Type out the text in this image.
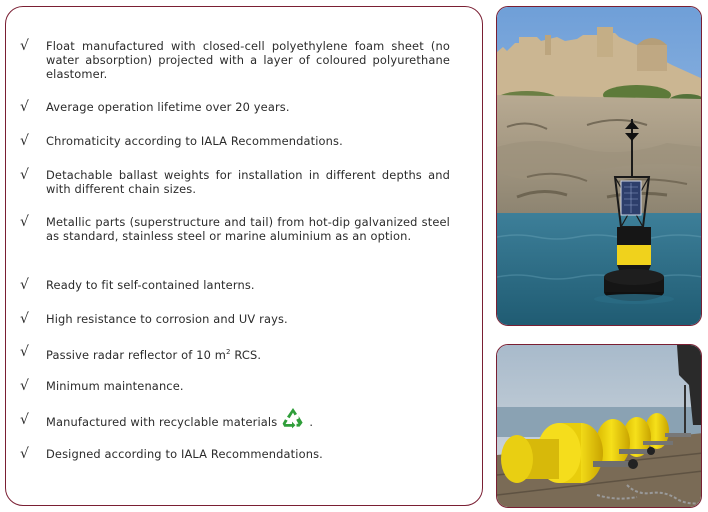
√ Float manufactured with closed-cell polyethylene foam sheet (no water absorption) projected with a layer of coloured polyurethane elastomer.
√ Average operation lifetime over 20 years.
√ Chromaticity according to IALA Recommendations.
√ Detachable ballast weights for installation in different depths and with different chain sizes.
√ Metallic parts (superstructure and tail) from hot-dip galvanized steel as standard, stainless steel or marine aluminium as an option.
√ Ready to fit self-contained lanterns.
√ High resistance to corrosion and UV rays.
√ Passive radar reflector of 10 $m^2$ RCS.
√ Minimum maintenance.
√ Manufactured with recyclable materials	.
√ Designed according to IALA Recommendations.
